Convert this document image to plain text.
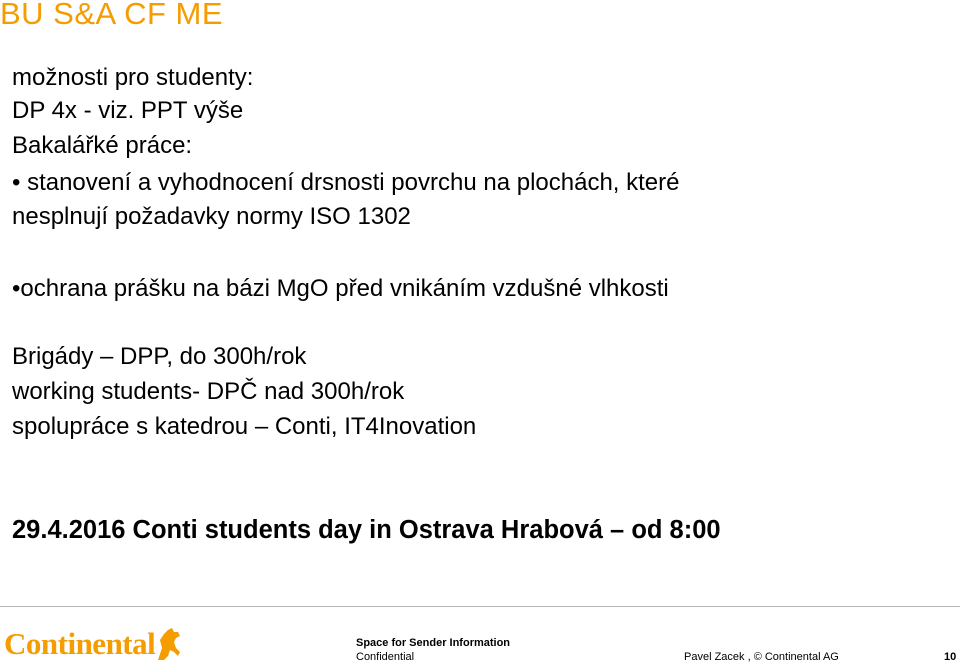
BU S&A CF ME
možnosti pro studenty:
DP 4x - viz. PPT výše
Bakalářké práce:
• stanovení a vyhodnocení drsnosti povrchu na plochách, které
nesplnují požadavky normy ISO 1302
•ochrana prášku na bázi MgO před vnikáním vzdušné vlhkosti
Brigády – DPP, do 300h/rok
working students- DPČ nad 300h/rok
spolupráce s katedrou – Conti, IT4Inovation
29.4.2016 Conti students day in Ostrava Hrabová – od 8:00
Continental	Space for Sender Information
Confidential	Pavel Zacek , © Continental AG	10
